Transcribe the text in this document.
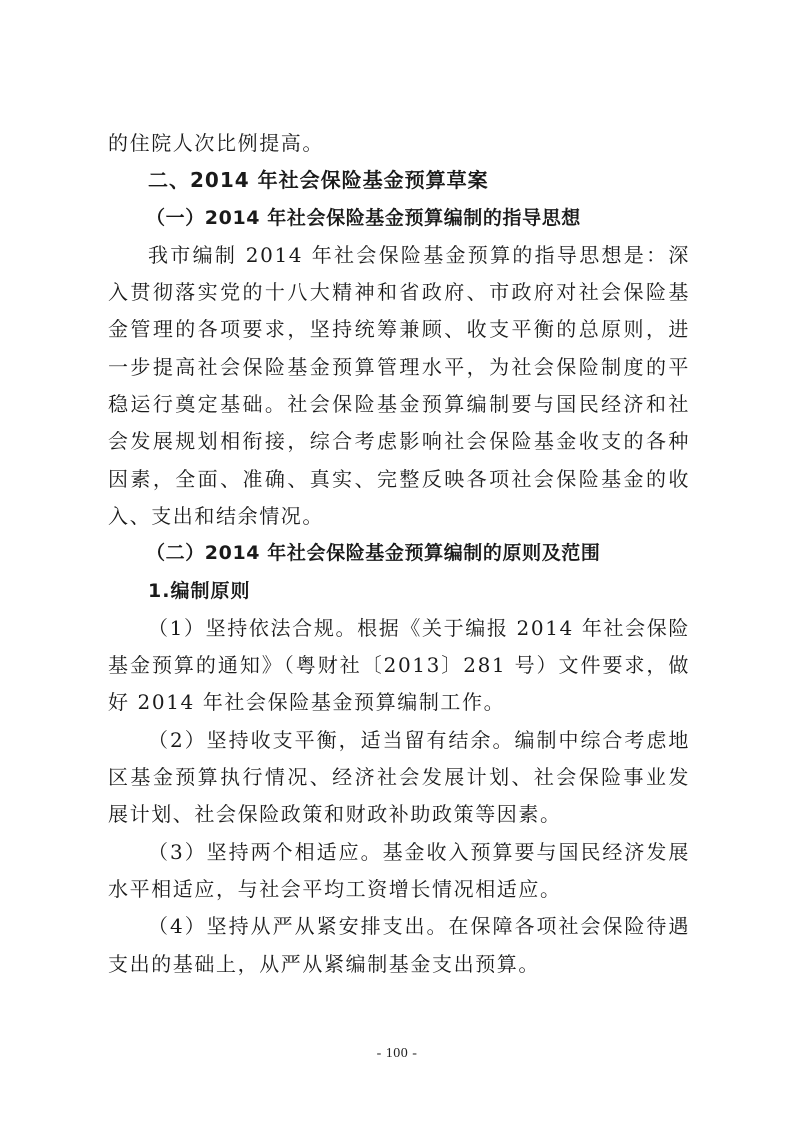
的住院人次比例提高。

二、2014 年社会保险基金预算草案
（一）2014 年社会保险基金预算编制的指导思想

我市编制 2014 年社会保险基金预算的指导思想是：深入贯彻落实党的十八大精神和省政府、市政府对社会保险基金管理的各项要求，坚持统筹兼顾、收支平衡的总原则，进一步提高社会保险基金预算管理水平，为社会保险制度的平稳运行奠定基础。社会保险基金预算编制要与国民经济和社会发展规划相衔接，综合考虑影响社会保险基金收支的各种因素，全面、准确、真实、完整反映各项社会保险基金的收入、支出和结余情况。

（二）2014 年社会保险基金预算编制的原则及范围
1.编制原则

（1）坚持依法合规。根据《关于编报 2014 年社会保险基金预算的通知》（粤财社〔2013〕281 号）文件要求，做好 2014 年社会保险基金预算编制工作。

（2）坚持收支平衡，适当留有结余。编制中综合考虑地区基金预算执行情况、经济社会发展计划、社会保险事业发展计划、社会保险政策和财政补助政策等因素。

（3）坚持两个相适应。基金收入预算要与国民经济发展水平相适应，与社会平均工资增长情况相适应。

（4）坚持从严从紧安排支出。在保障各项社会保险待遇支出的基础上，从严从紧编制基金支出预算。

- 100 -
